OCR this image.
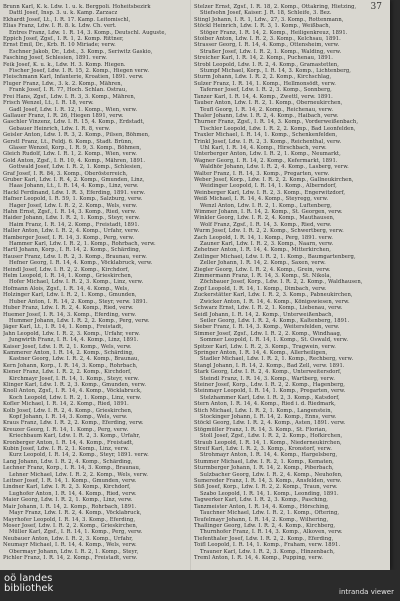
37
Brunn Karl, K. k. Ldw. 1. u. k. Bergpoli. Hoheitsbezirk
Dattl Josef, Insp. 3. u. k. Kamp. Zarzacz
Ekhardt Josef, Lt., I. R. 17. Kamp. Leitomischl,
Elias Franz, Ldw. I. R. 8. k. Ldw. Ch. vert.
Entres Franz, Ldw. 1. R. 14, 3. Komp., Deutschl. Auguste,
Eppich Josef, Zgsf., I. R. 1, 2. Komp. Rittner,
Ernst Emil, Dr., Krb. R. 10 Miriade; verw.
Eschner Jakob, Dr., Ldst., 3. Komp., Seriwitz Gaskio,
Fasching Josef, Schlesien, 1891. verw.
Feik Josef, K. u. k., Ldw. H. 3. Komp. Hiegen.
Fischer Josef, Ldw. I. R. 15, 2. Komp., Hiegen verw.
Fleischmann Karl, Infanterie, Kroatien, 1891. verw.
Fluger Franz, Ldw., 3. k. 2. Komp., Mähren,
Frank Josef, I. R. 77, Hoch. Schlan. Ostrau,
Frei Hans, Zgsf., Ldw. I. R. 3, 3. Komp., Mähren,
Frisch Wenzel, Lt., I. R. 18, verw.
Gadl Josef, Ldw. I. R. 12, 1. Komp., Wien, verw.
Gallauer Franz, I. R. 26, Hiegen 1891, verw.
Gaschler Vinzenz, Ldw. I. R. 15, 4. Komp., Erdstadt,
Gebauer Heinrich, Ldw. I. R. 8, verw.
Geisler Anton, Ldw. I. R. 3, 2. Komp., Pilsen, Böhmen,
Gerstl Franz, Lt., Feldj. 6. Komp., Stadt. Brünn,
Glaser Wenzel, Korp., I. R. 9, 3. Komp., Böhmen,
Gleich Rudolf, Ldw. I. R. 1, 2. Komp., Wien, verw.
Gold Anton, Zgsf., I. R. 10, 4. Komp., Mähren, 1891.
Gottwald Josef, Ldw. I. R. 2, 1. Komp., Schlesien,
Graf Josef, I. R. 84, 3. Komp., Oberösterreich,
Gruber Karl, Ldw. I. R. 4, 2. Komp., Gmunden, Linz,
Haas Johann, Lt., I. R. 14, 4. Komp., Linz, verw.
Hackl Ferdinand, Ldw. I. R. 3, Eferding, 1891. verw.
Hafner Leopold, I. R. 59, 1. Komp., Salzburg, verw.
Hager Josef, Ldw. I. R. 2, 2. Komp., Wels, verw.
Hahn Ernst, Zgsf., I. R. 14, 3. Komp., Ried, verw.
Haider Johann, Ldw. I. R. 2, 1. Komp., Steyr, verw.
Haim Franz, I. R. 14, 2. Komp., Freistadt, 1891.
Haller Anton, Ldw. I. R. 2, 4. Komp., Urfahr, verw.
Hamberger Josef, I. R. 14, 3. Komp., Perg, verw.
Hammer Karl, Ldw. I. R. 2, 1. Komp., Rohrbach, verw.
Hartl Johann, Korp., I. R. 14, 2. Komp., Schärding,
Hauser Franz, Ldw. I. R. 2, 3. Komp., Braunau, verw.
Hefner Georg, I. R. 14, 4. Komp., Vöcklabruck, verw.
Heindl Josef, Ldw. I. R. 2, 2. Komp., Kirchdorf,
Helm Leopold, I. R. 14, 1. Komp., Grieskirchen,
Hofer Michael, Ldw. I. R. 2, 3. Komp., Linz, verw.
Hofmann Alois, Zgsf., I. R. 14, 4. Komp., Wels,
Holzinger Karl, Ldw. I. R. 2, 1. Komp., Gmunden,
Huber Anton, I. R. 14, 2. Komp., Steyr, verw. 1891.
Huber Franz, Ldw. I. R. 2, 4. Komp., Ried, verw.
Huemer Josef, I. R. 14, 3. Komp., Eferding, verw.
Hummer Johann, Ldw. I. R. 2, 2. Komp., Perg, verw.
Jäger Karl, Lt., I. R. 14, 1. Komp., Freistadt,
Jahn Leopold, Ldw. I. R. 2, 3. Komp., Urfahr, verw.
Jungwirth Franz, I. R. 14, 4. Komp., Linz, 1891.
Kaiser Josef, Ldw. I. R. 2, 1. Komp., Wels, verw.
Kammerer Anton, I. R. 14, 2. Komp., Schärding,
Kastner Georg, Ldw. I. R. 2, 4. Komp., Braunau,
Kern Johann, Korp., I. R. 14, 3. Komp., Rohrbach,
Kiener Franz, Ldw. I. R. 2, 2. Komp., Kirchdorf,
Kirchmayr Josef, I. R. 14, 1. Komp., Steyr, verw.
Klinger Karl, Ldw. I. R. 2, 3. Komp., Gmunden, verw.
Knoll Anton, Zgsf., I. R. 14, 4. Komp., Vöcklabruck,
Koch Leopold, Ldw. I. R. 2, 1. Komp., Linz, verw.
Kofler Michael, I. R. 14, 2. Komp., Ried, 1891.
Kolb Josef, Ldw. I. R. 2, 4. Komp., Grieskirchen,
Kopf Johann, I. R. 14, 3. Komp., Wels, verw.
Kraus Franz, Ldw. I. R. 2, 2. Komp., Eferding, verw.
Kreuzer Georg, I. R. 14, 1. Komp., Perg, verw.
Kriechbaum Karl, Ldw. I. R. 2, 3. Komp., Urfahr,
Kronberger Anton, I. R. 14, 4. Komp., Freistadt,
Kubin Josef, Ldw. I. R. 2, 1. Komp., Linz, verw.
Kurz Leopold, I. R. 14, 2. Komp., Steyr, 1891. verw.
Lang Johann, Ldw. I. R. 2, 4. Komp., Schärding,
Lechner Franz, Korp., I. R. 14, 3. Komp., Braunau,
Lehner Michael, Ldw. I. R. 2, 2. Komp., Wels, verw.
Leitner Josef, I. R. 14, 1. Komp., Gmunden, verw.
Lindner Karl, Ldw. I. R. 2, 3. Komp., Kirchdorf,
Lughofer Anton, I. R. 14, 4. Komp., Ried, verw.
Maier Georg, Ldw. I. R. 2, 1. Komp., Linz, verw.
Mair Johann, I. R. 14, 2. Komp., Rohrbach, 1891.
Mayr Franz, Ldw. I. R. 2, 4. Komp., Vöcklabruck,
Mayrhofer Leopold, I. R. 14, 3. Komp., Eferding,
Moser Josef, Ldw. I. R. 2, 2. Komp., Grieskirchen,
Müller Karl, Zgsf., I. R. 14, 1. Komp., Perg, verw.
Neubauer Anton, Ldw. I. R. 2, 3. Komp., Urfahr,
Neumayr Michael, I. R. 14, 4. Komp., Wels, verw.
Obermayr Johann, Ldw. I. R. 2, 1. Komp., Steyr,
Pichler Franz, I. R. 14, 2. Komp., Freistadt, verw.
Stelzer Ernst, Zgsf., I. R. 18, 2. Komp., Ottakring, Hietzing,
Stiefsohn Josef, Kaiser. J. R. 18, Schleife, 3. Bez.
Stingl Johann, I. R. 1, Ldw., 27, 3. Komp., Rottenmann,
Stöckl Heinrich, Ldw. I. R. 3, 1. Komp., Weißbach,
Stöger Franz, I. R. 14, 2. Komp., Heiligenkreuz, 1891.
Stoiber Anton, Ldw. I. R. 2, 3. Komp., Kelchsau, 1891.
Strasser Georg, I. R. 14, 4. Komp., Ottensheim, verw.
Straßer Josef, Ldw. I. R. 2, 1. Komp., Walding, verw.
Streicher Karl, I. R. 14, 2. Komp., Puchenau, 1891.
Strobl Leopold, Ldw. I. R. 2, 4. Komp., Gramastetten,
Stumpf Michael, Korp., I. R. 14, 3. Komp., Lichtenberg,
Sturm Johann, Ldw. I. R. 2, 2. Komp., Kirchschlag,
Sulzer Franz, I. R. 14, 1. Komp., Hellmonsödt, verw.
Taferner Josef, Ldw. I. R. 2, 3. Komp., Sonnberg,
Tanzer Karl, I. R. 14, 4. Komp., Zwettl, verw. 1891.
Tauber Anton, Ldw. I. R. 2, 1. Komp., Oberneukirchen,
Teufl Georg, I. R. 14, 2. Komp., Reichenau, verw.
Thaler Johann, Ldw. I. R. 2, 4. Komp., Haibach, verw.
Thurner Franz, Zgsf., I. R. 14, 3. Komp., Vorderweißenbach,
Tischler Leopold, Ldw. I. R. 2, 2. Komp., Bad Leonfelden,
Traxler Michael, I. R. 14, 1. Komp., Schenkenfelden,
Trinkl Josef, Ldw. I. R. 2, 3. Komp., Reichenthal, verw.
Uhl Karl, I. R. 14, 4. Komp., Hirschbach, verw.
Unterberger Anton, Ldw. I. R. 2, 1. Komp., Neumarkt,
Wagner Georg, I. R. 14, 2. Komp., Kefermarkt, 1891.
Waldhör Johann, Ldw. I. R. 2, 4. Komp., Lasberg, verw.
Walter Franz, I. R. 14, 3. Komp., Pregarten, verw.
Weber Josef, Korp., Ldw. I. R. 2, 2. Komp., Gallneukirchen,
Weidinger Leopold, I. R. 14, 1. Komp., Alberndorf,
Weinberger Karl, Ldw. I. R. 2, 3. Komp., Engerwitzdorf,
Weiß Michael, I. R. 14, 4. Komp., Steyregg, verw.
Wenzl Anton, Ldw. I. R. 2, 1. Komp., Luftenberg,
Wimmer Johann, I. R. 14, 2. Komp., St. Georgen, verw.
Winkler Georg, Ldw. I. R. 2, 4. Komp., Mauthausen,
Wolf Franz, Zgsf., I. R. 14, 3. Komp., Ried, verw.
Wurm Josef, Ldw. I. R. 2, 2. Komp., Schwertberg, verw.
Zach Leopold, I. R. 14, 1. Komp., Perg, 1891. verw.
Zauner Karl, Ldw. I. R. 2, 3. Komp., Naarn, verw.
Zehetner Anton, I. R. 14, 4. Komp., Mitterkirchen,
Zeilinger Michael, Ldw. I. R. 2, 1. Komp., Baumgartenberg,
Zeller Johann, I. R. 14, 2. Komp., Saxen, verw.
Ziegler Georg, Ldw. I. R. 2, 4. Komp., Grein, verw.
Zimmermann Franz, I. R. 14, 3. Komp., St. Nikola,
Zöchbauer Josef, Korp., Ldw. I. R. 2, 2. Komp., Waldhausen,
Zopf Leopold, I. R. 14, 1. Komp., Dimbach, verw.
Zuckerstätter Karl, Ldw. I. R. 2, 3. Komp., Pabneukirchen,
Zwicker Anton, I. R. 14, 4. Komp., Königswiesen, verw.
Schwarz Ernst, Ldw. I. R. 2, 1. Komp., Liebenau, verw.
Seidl Johann, I. R. 14, 2. Komp., Unterweißenbach,
Seiler Georg, Ldw. I. R. 2, 4. Komp., Kaltenberg, 1891.
Sieber Franz, I. R. 14, 3. Komp., Weitersfelden, verw.
Simmer Josef, Zgsf., Ldw. I. R. 2, 2. Komp., Windhaag,
Sommer Leopold, I. R. 14, 1. Komp., St. Oswald, verw.
Spitzer Karl, Ldw. I. R. 2, 3. Komp., Tragwein, verw.
Springer Anton, I. R. 14, 4. Komp., Allerheiligen,
Stadler Michael, Ldw. I. R. 2, 1. Komp., Rechberg, verw.
Stangl Johann, I. R. 14, 2. Komp., Bad Zell, verw. 1891.
Stark Georg, Ldw. I. R. 2, 4. Komp., Unterweitersdorf,
Steindl Franz, I. R. 14, 3. Komp., Wartberg, verw.
Steiner Josef, Korp., Ldw. I. R. 2, 2. Komp., Hagenberg,
Steinmayr Leopold, I. R. 14, 1. Komp., Pregarten, verw.
Stelzhammer Karl, Ldw. I. R. 2, 3. Komp., Katsdorf,
Stern Anton, I. R. 14, 4. Komp., Ried i. d. Riedmark,
Stich Michael, Ldw. I. R. 2, 1. Komp., Langenstein,
Stockinger Johann, I. R. 14, 2. Komp., Enns, verw.
Stöckl Georg, Ldw. I. R. 2, 4. Komp., Asten, 1891. verw.
Stögmüller Franz, I. R. 14, 3. Komp., St. Florian,
Stoll Josef, Zgsf., Ldw. I. R. 2, 2. Komp., Hofkirchen,
Straub Leopold, I. R. 14, 1. Komp., Niederneukirchen,
Streif Karl, Ldw. I. R. 2, 3. Komp., Kronstorf, verw.
Strohmayr Anton, I. R. 14, 4. Komp., Hargelsberg,
Stummer Michael, Ldw. I. R. 2, 1. Komp., Kematen,
Sturmberger Johann, I. R. 14, 2. Komp., Piberbach,
Sulzbacher Georg, Ldw. I. R. 2, 4. Komp., Neuhofen,
Sumereder Franz, I. R. 14, 3. Komp., Ansfelden, verw.
Süß Josef, Korp., Ldw. I. R. 2, 2. Komp., Traun, verw.
Szabo Leopold, I. R. 14, 1. Komp., Leonding, 1891.
Tagwerker Karl, Ldw. I. R. 2, 3. Komp., Pasching,
Tanzmeister Anton, I. R. 14, 4. Komp., Hörsching,
Tauchner Michael, Ldw. I. R. 2, 1. Komp., Oftering,
Teufelmayr Johann, I. R. 14, 2. Komp., Wilhering,
Thallinger Georg, Ldw. I. R. 2, 4. Komp., Kirchberg,
Thurnhofer Franz, I. R. 14, 3. Komp., Alkoven, verw.
Tiefenthaler Josef, Ldw. I. R. 2, 2. Komp., Eferding,
Toifl Leopold, I. R. 14, 1. Komp., Fraham, verw. 1891.
Trauner Karl, Ldw. I. R. 2, 3. Komp., Hinzenbach,
Treml Anton, I. R. 14, 4. Komp., Pupping, verw.
oö landes
bibliothek	intranda viewer
